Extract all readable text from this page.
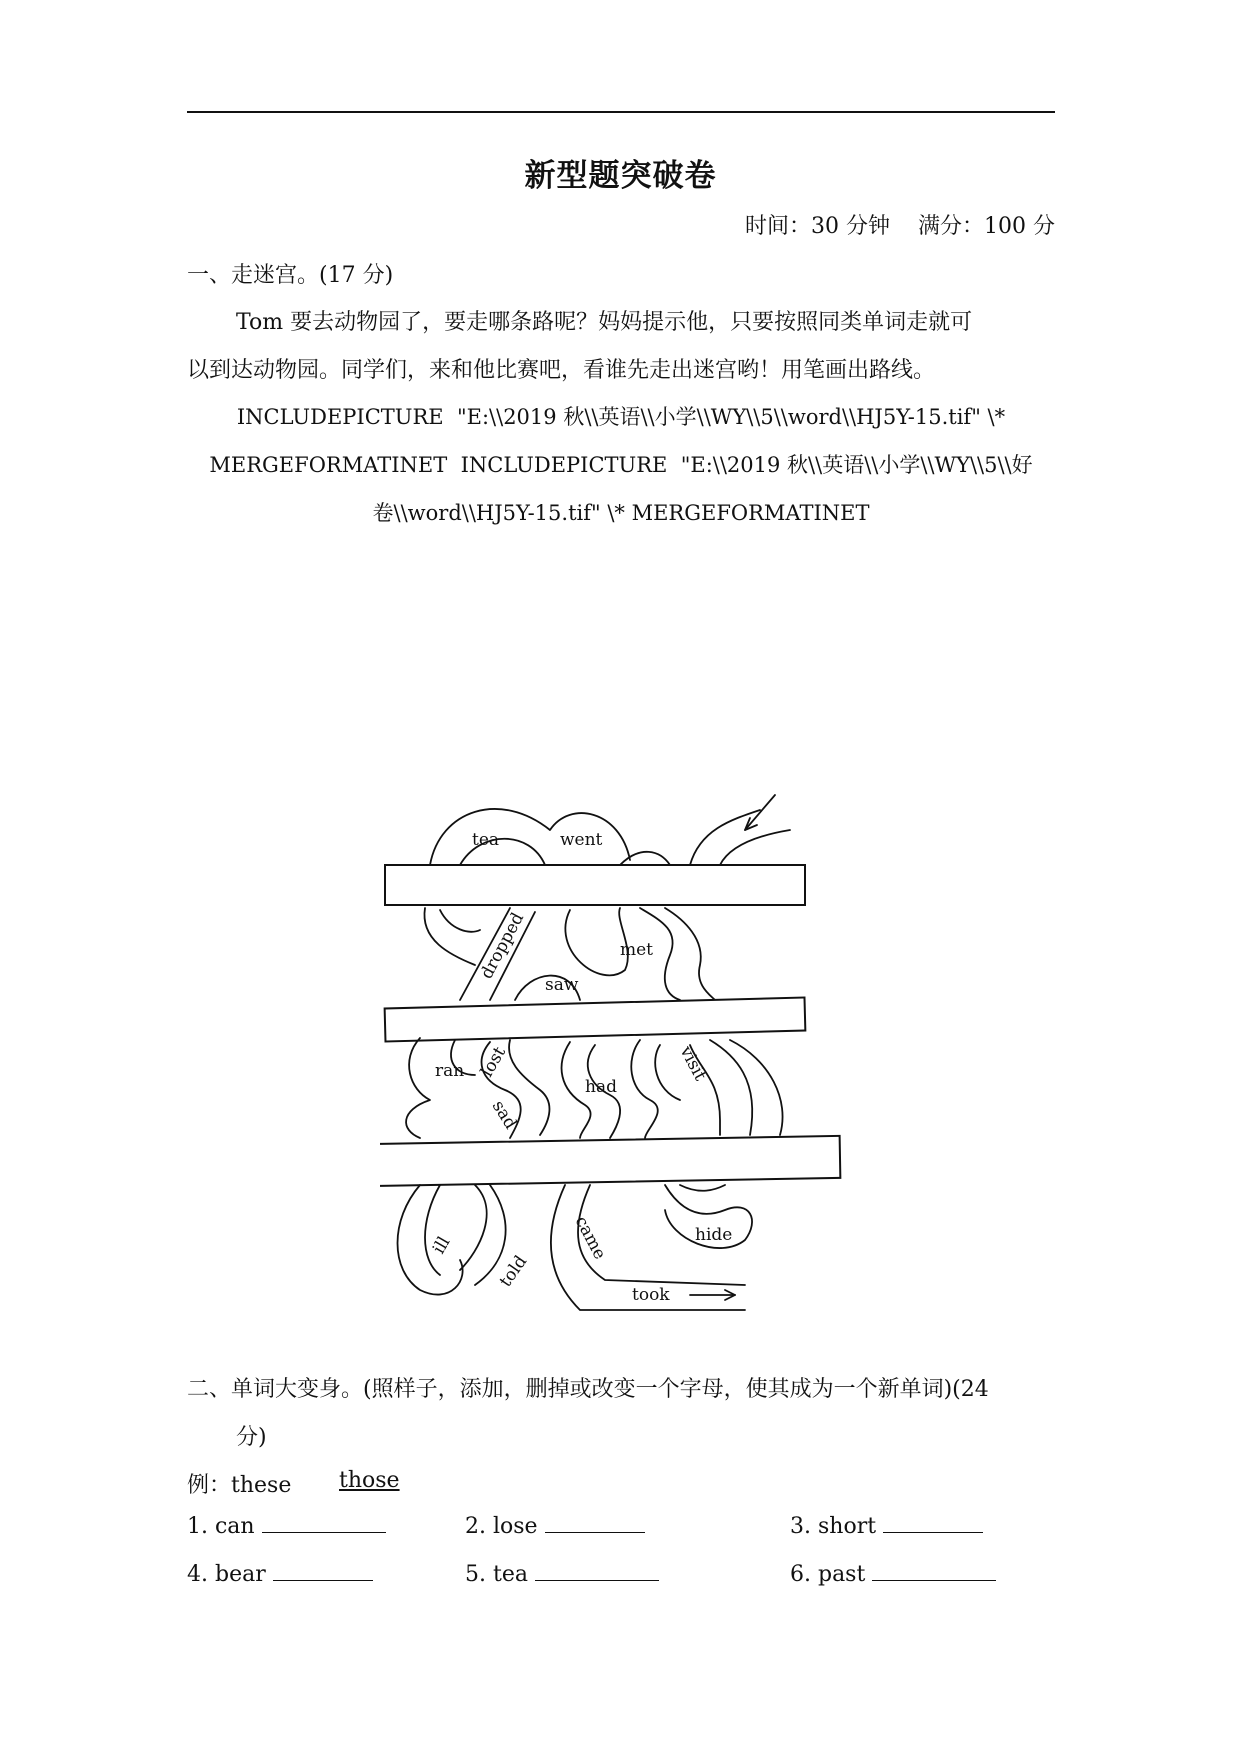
新型题突破卷
时间：30 分钟    满分：100 分
一、走迷宫。(17 分)
Tom 要去动物园了，要走哪条路呢？妈妈提示他，只要按照同类单词走就可
以到达动物园。同学们，来和他比赛吧，看谁先走出迷宫哟！用笔画出路线。
INCLUDEPICTURE  "E:\\2019 秋\\英语\\小学\\WY\\5\\word\\HJ5Y-15.tif" \*
MERGEFORMATINET  INCLUDEPICTURE  "E:\\2019 秋\\英语\\小学\\WY\\5\\好
卷\\word\\HJ5Y-15.tif" \* MERGEFORMATINET
tea	went
dropped	met
saw
ran lost
had
visit
sad
ill
told
came	hide
took
二、单词大变身。(照样子，添加，删掉或改变一个字母，使其成为一个新单词)(24
分)
例：these those
1. can	2. lose	3. short
4. bear	5. tea	6. past
